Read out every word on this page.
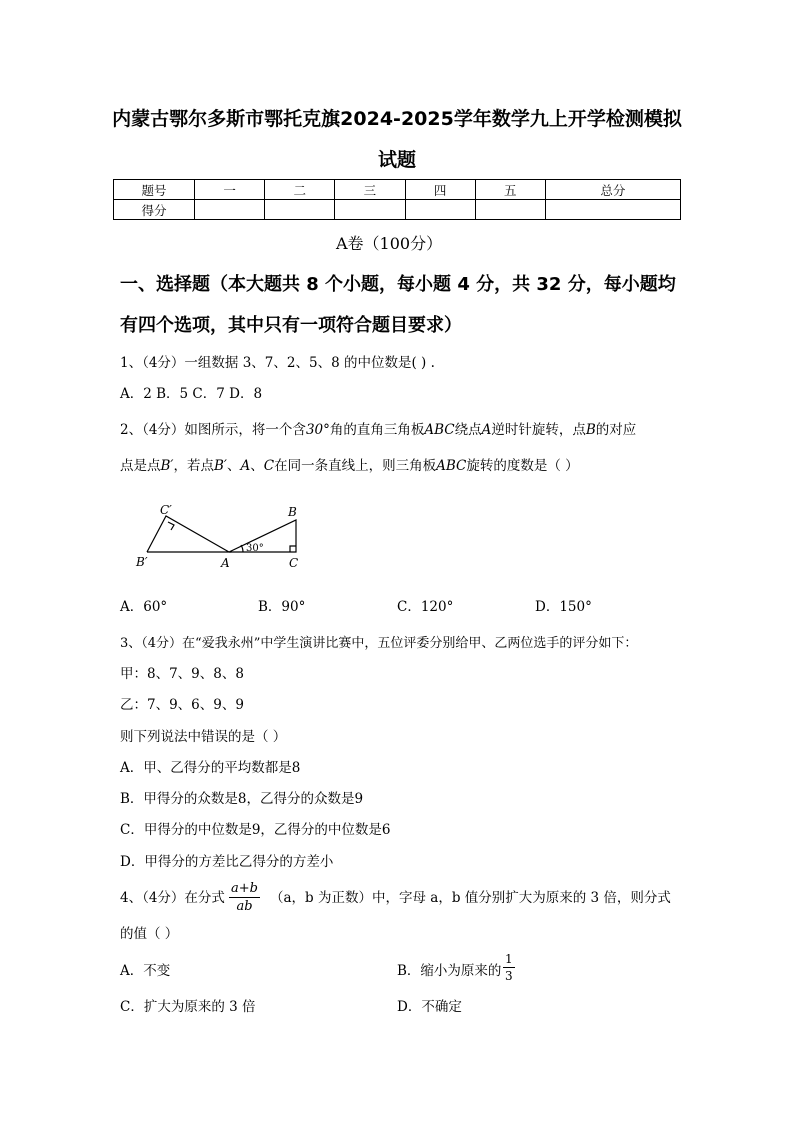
内蒙古鄂尔多斯市鄂托克旗2024-2025学年数学九上开学检测模拟
试题
题号	一	二	三	四	五	总分
得分						
A卷（100分）
一、选择题（本大题共 8 个小题，每小题 4 分，共 32 分，每小题均
有四个选项，其中只有一项符合题目要求）
1、（4分）一组数据 3、7、2、5、8 的中位数是( ) .
A．2 B．5 C．7 D．8
2、（4分）如图所示，将一个含30°角的直角三角板ABC绕点A逆时针旋转，点B的对应
点是点B′，若点B′、A、C在同一条直线上，则三角板ABC旋转的度数是（ ）
C′	B
B′	A	C
30°
A．60°	B．90°	C．120°	D．150°
3、（4分）在“爱我永州”中学生演讲比赛中，五位评委分别给甲、乙两位选手的评分如下：
甲：8、7、9、8、8
乙：7、9、6、9、9
则下列说法中错误的是（ ）
A．甲、乙得分的平均数都是8
B．甲得分的众数是8，乙得分的众数是9
C．甲得分的中位数是9，乙得分的中位数是6
D．甲得分的方差比乙得分的方差小
4、（4分）在分式 $\frac{a+b}{ab} (a$，b 为正数）中，字母 a，b 值分别扩大为原来的 3 倍，则分式
的值（ ）
A．不变	B．缩小为原来的 $\frac{1}{3}$
C．扩大为原来的 3 倍	D．不确定
